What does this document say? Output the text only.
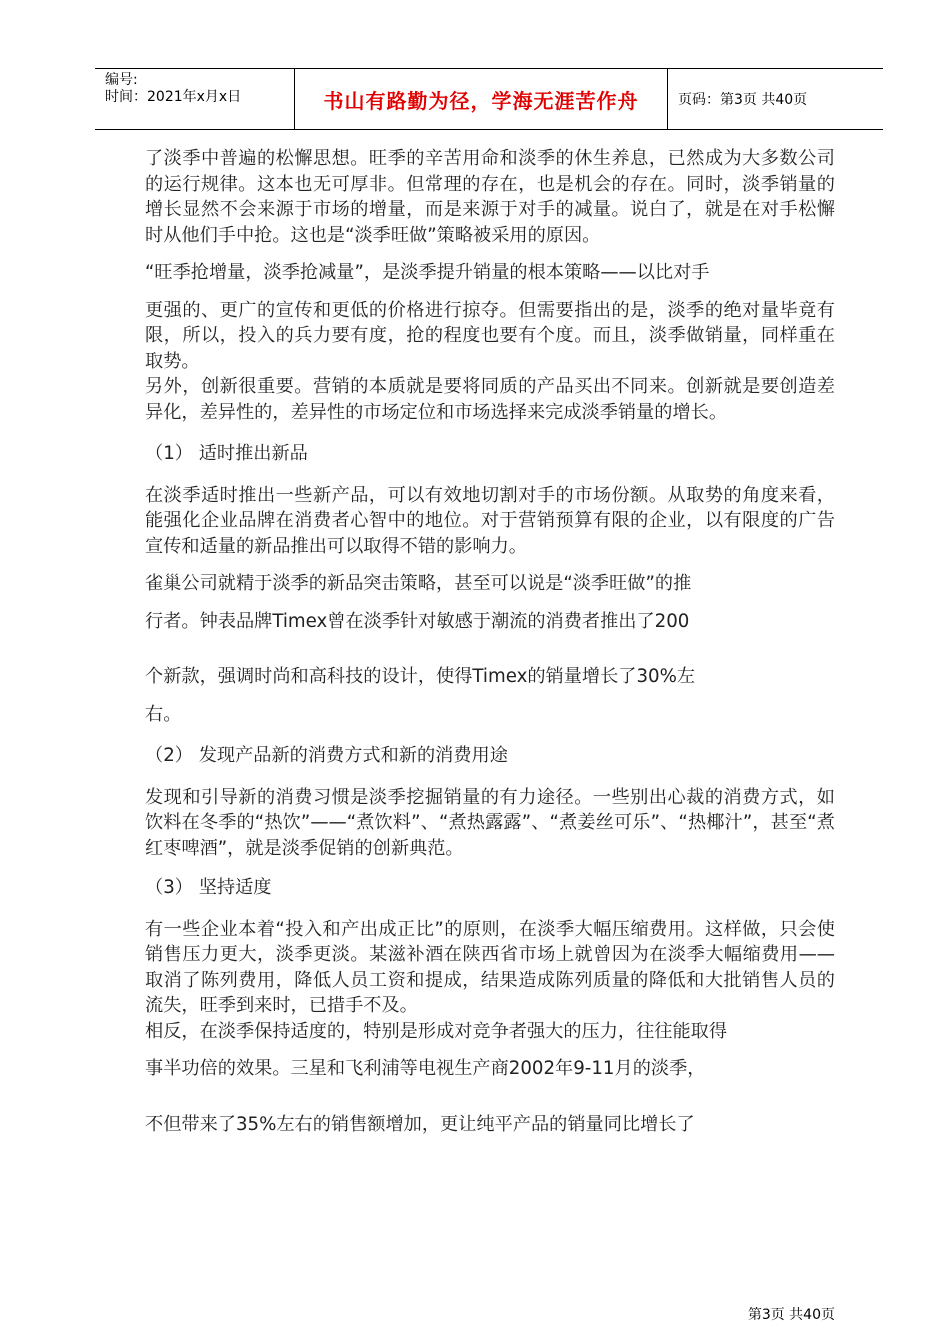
编号:
时间：2021年x月x日	书山有路勤为径，学海无涯苦作舟	页码：第3页 共40页

了淡季中普遍的松懈思想。旺季的辛苦用命和淡季的休生养息，已然成为大多数公司的运行规律。这本也无可厚非。但常理的存在，也是机会的存在。同时，淡季销量的增长显然不会来源于市场的增量，而是来源于对手的减量。说白了，就是在对手松懈时从他们手中抢。这也是“淡季旺做”策略被采用的原因。

“旺季抢增量，淡季抢减量”，是淡季提升销量的根本策略——以比对手

更强的、更广的宣传和更低的价格进行掠夺。但需要指出的是，淡季的绝对量毕竟有限，所以，投入的兵力要有度，抢的程度也要有个度。而且，淡季做销量，同样重在取势。

另外，创新很重要。营销的本质就是要将同质的产品买出不同来。创新就是要创造差异化，差异性的，差异性的市场定位和市场选择来完成淡季销量的增长。

（1） 适时推出新品

在淡季适时推出一些新产品，可以有效地切割对手的市场份额。从取势的角度来看，能强化企业品牌在消费者心智中的地位。对于营销预算有限的企业，以有限度的广告宣传和适量的新品推出可以取得不错的影响力。

雀巢公司就精于淡季的新品突击策略，甚至可以说是“淡季旺做”的推

行者。钟表品牌Timex曾在淡季针对敏感于潮流的消费者推出了200

个新款，强调时尚和高科技的设计，使得Timex的销量增长了30%左

右。

（2） 发现产品新的消费方式和新的消费用途

发现和引导新的消费习惯是淡季挖掘销量的有力途径。一些别出心裁的消费方式，如饮料在冬季的“热饮”——“煮饮料”、“煮热露露”、“煮姜丝可乐”、“热椰汁”，甚至“煮红枣啤酒”，就是淡季促销的创新典范。

（3） 坚持适度

有一些企业本着“投入和产出成正比”的原则，在淡季大幅压缩费用。这样做，只会使销售压力更大，淡季更淡。某滋补酒在陕西省市场上就曾因为在淡季大幅缩费用——取消了陈列费用，降低人员工资和提成，结果造成陈列质量的降低和大批销售人员的流失，旺季到来时，已措手不及。

相反，在淡季保持适度的，特别是形成对竞争者强大的压力，往往能取得

事半功倍的效果。三星和飞利浦等电视生产商2002年9-11月的淡季，

不但带来了35%左右的销售额增加，更让纯平产品的销量同比增长了

第3页 共40页
